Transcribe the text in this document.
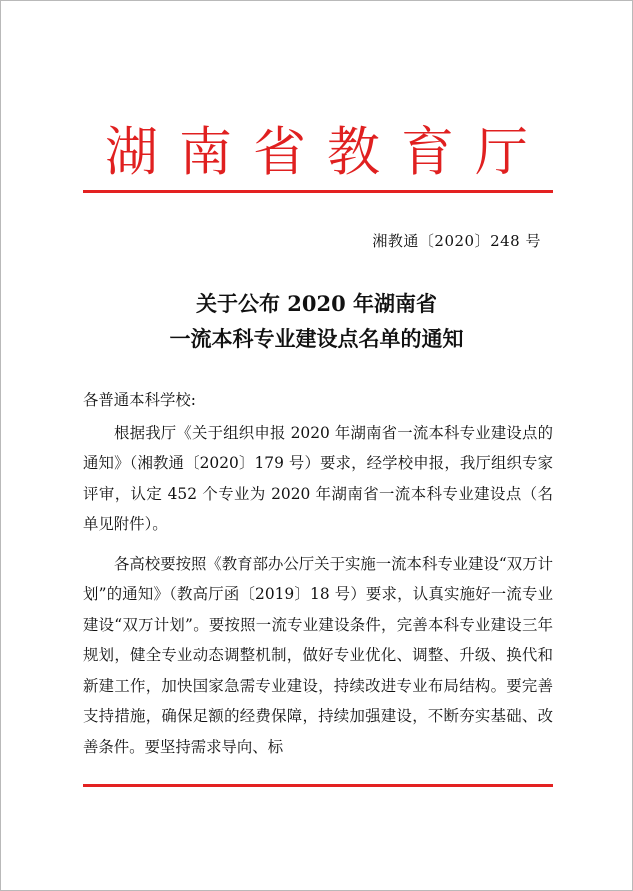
湖南省教育厅
湘教通〔2020〕248 号
关于公布 2020 年湖南省
一流本科专业建设点名单的通知
各普通本科学校:

根据我厅《关于组织申报 2020 年湖南省一流本科专业建设点的通知》（湘教通〔2020〕179 号）要求，经学校申报，我厅组织专家评审，认定 452 个专业为 2020 年湖南省一流本科专业建设点（名单见附件）。

各高校要按照《教育部办公厅关于实施一流本科专业建设“双万计划”的通知》（教高厅函〔2019〕18 号）要求，认真实施好一流专业建设“双万计划”。要按照一流专业建设条件，完善本科专业建设三年规划，健全专业动态调整机制，做好专业优化、调整、升级、换代和新建工作，加快国家急需专业建设，持续改进专业布局结构。要完善支持措施，确保足额的经费保障，持续加强建设，不断夯实基础、改善条件。要坚持需求导向、标
